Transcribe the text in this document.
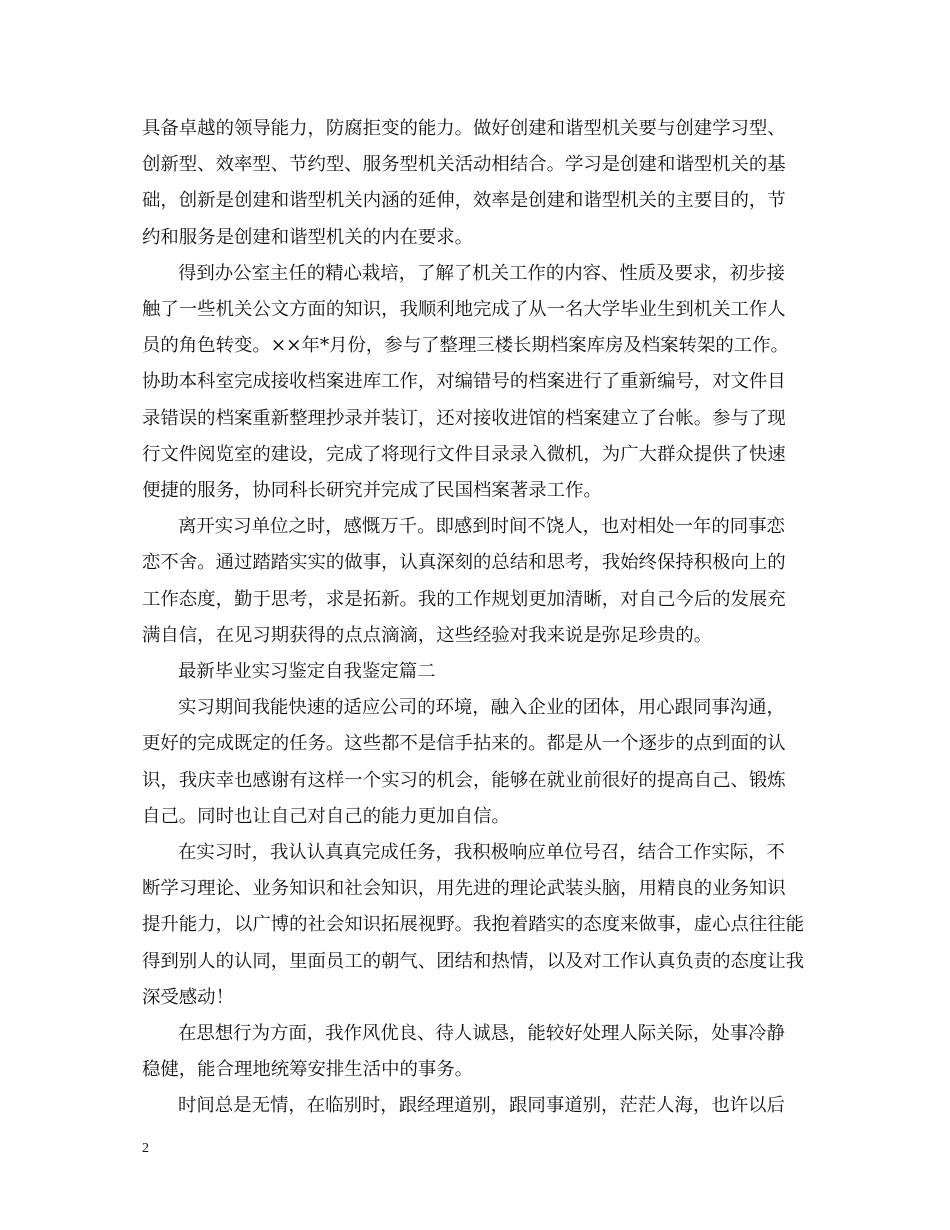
具备卓越的领导能力，防腐拒变的能力。做好创建和谐型机关要与创建学习型、
创新型、效率型、节约型、服务型机关活动相结合。学习是创建和谐型机关的基
础，创新是创建和谐型机关内涵的延伸，效率是创建和谐型机关的主要目的，节
约和服务是创建和谐型机关的内在要求。
得到办公室主任的精心栽培，了解了机关工作的内容、性质及要求，初步接
触了一些机关公文方面的知识，我顺利地完成了从一名大学毕业生到机关工作人
员的角色转变。××年*月份，参与了整理三楼长期档案库房及档案转架的工作。
协助本科室完成接收档案进库工作，对编错号的档案进行了重新编号，对文件目
录错误的档案重新整理抄录并装订，还对接收进馆的档案建立了台帐。参与了现
行文件阅览室的建设，完成了将现行文件目录录入微机，为广大群众提供了快速
便捷的服务，协同科长研究并完成了民国档案著录工作。
离开实习单位之时，感慨万千。即感到时间不饶人，也对相处一年的同事恋
恋不舍。通过踏踏实实的做事，认真深刻的总结和思考，我始终保持积极向上的
工作态度，勤于思考，求是拓新。我的工作规划更加清晰，对自己今后的发展充
满自信，在见习期获得的点点滴滴，这些经验对我来说是弥足珍贵的。
最新毕业实习鉴定自我鉴定篇二
实习期间我能快速的适应公司的环境，融入企业的团体，用心跟同事沟通，
更好的完成既定的任务。这些都不是信手拈来的。都是从一个逐步的点到面的认
识，我庆幸也感谢有这样一个实习的机会，能够在就业前很好的提高自己、锻炼
自己。同时也让自己对自己的能力更加自信。
在实习时，我认认真真完成任务，我积极响应单位号召，结合工作实际，不
断学习理论、业务知识和社会知识，用先进的理论武装头脑，用精良的业务知识
提升能力，以广博的社会知识拓展视野。我抱着踏实的态度来做事，虚心点往往能
得到别人的认同，里面员工的朝气、团结和热情，以及对工作认真负责的态度让我
深受感动！
在思想行为方面，我作风优良、待人诚恳，能较好处理人际关际，处事冷静
稳健，能合理地统筹安排生活中的事务。
时间总是无情，在临别时，跟经理道别，跟同事道别，茫茫人海，也许以后
2
